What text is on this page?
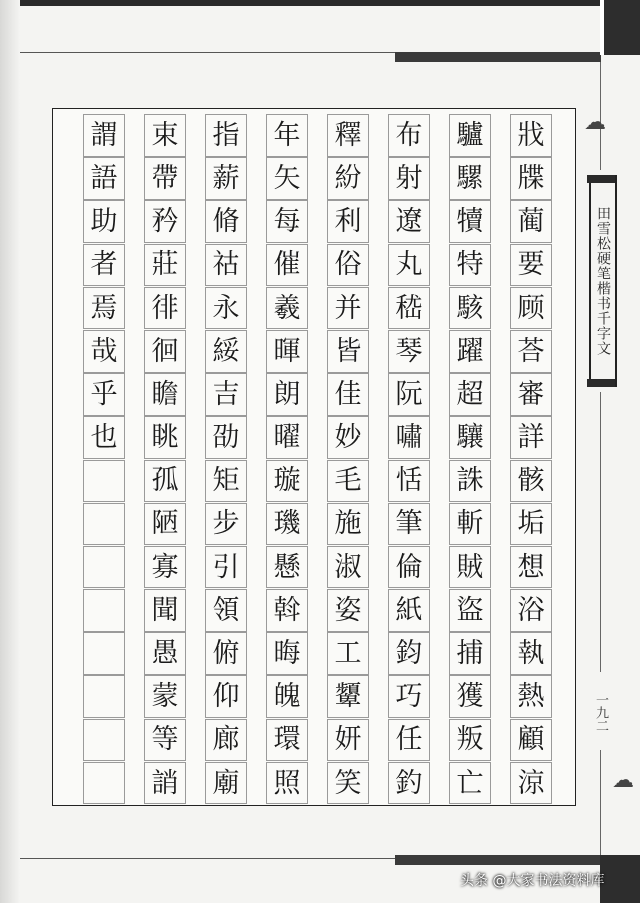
☁
☁
戕
牒
蔺
要
顾
荅
審
詳
骸
垢
想
浴
執
熱
顧
涼
驢
騾
犢
特
駭
躍
超
驤
誅
斬
賊
盜
捕
獲
叛
亡
布
射
遼
丸
嵇
琴
阮
嘯
恬
筆
倫
紙
鈞
巧
任
釣
釋
紛
利
俗
并
皆
佳
妙
毛
施
淑
姿
工
顰
妍
笑
年
矢
每
催
羲
暉
朗
曜
璇
璣
懸
斡
晦
魄
環
照
指
薪
脩
祜
永
綏
吉
劭
矩
步
引
領
俯
仰
廊
廟
束
帶
矜
莊
徘
徊
瞻
眺
孤
陋
寡
聞
愚
蒙
等
誚
謂
語
助
者
焉
哉
乎
也
田雪松硬笔楷书千字文
一九二
头条 @大家书法资料库
